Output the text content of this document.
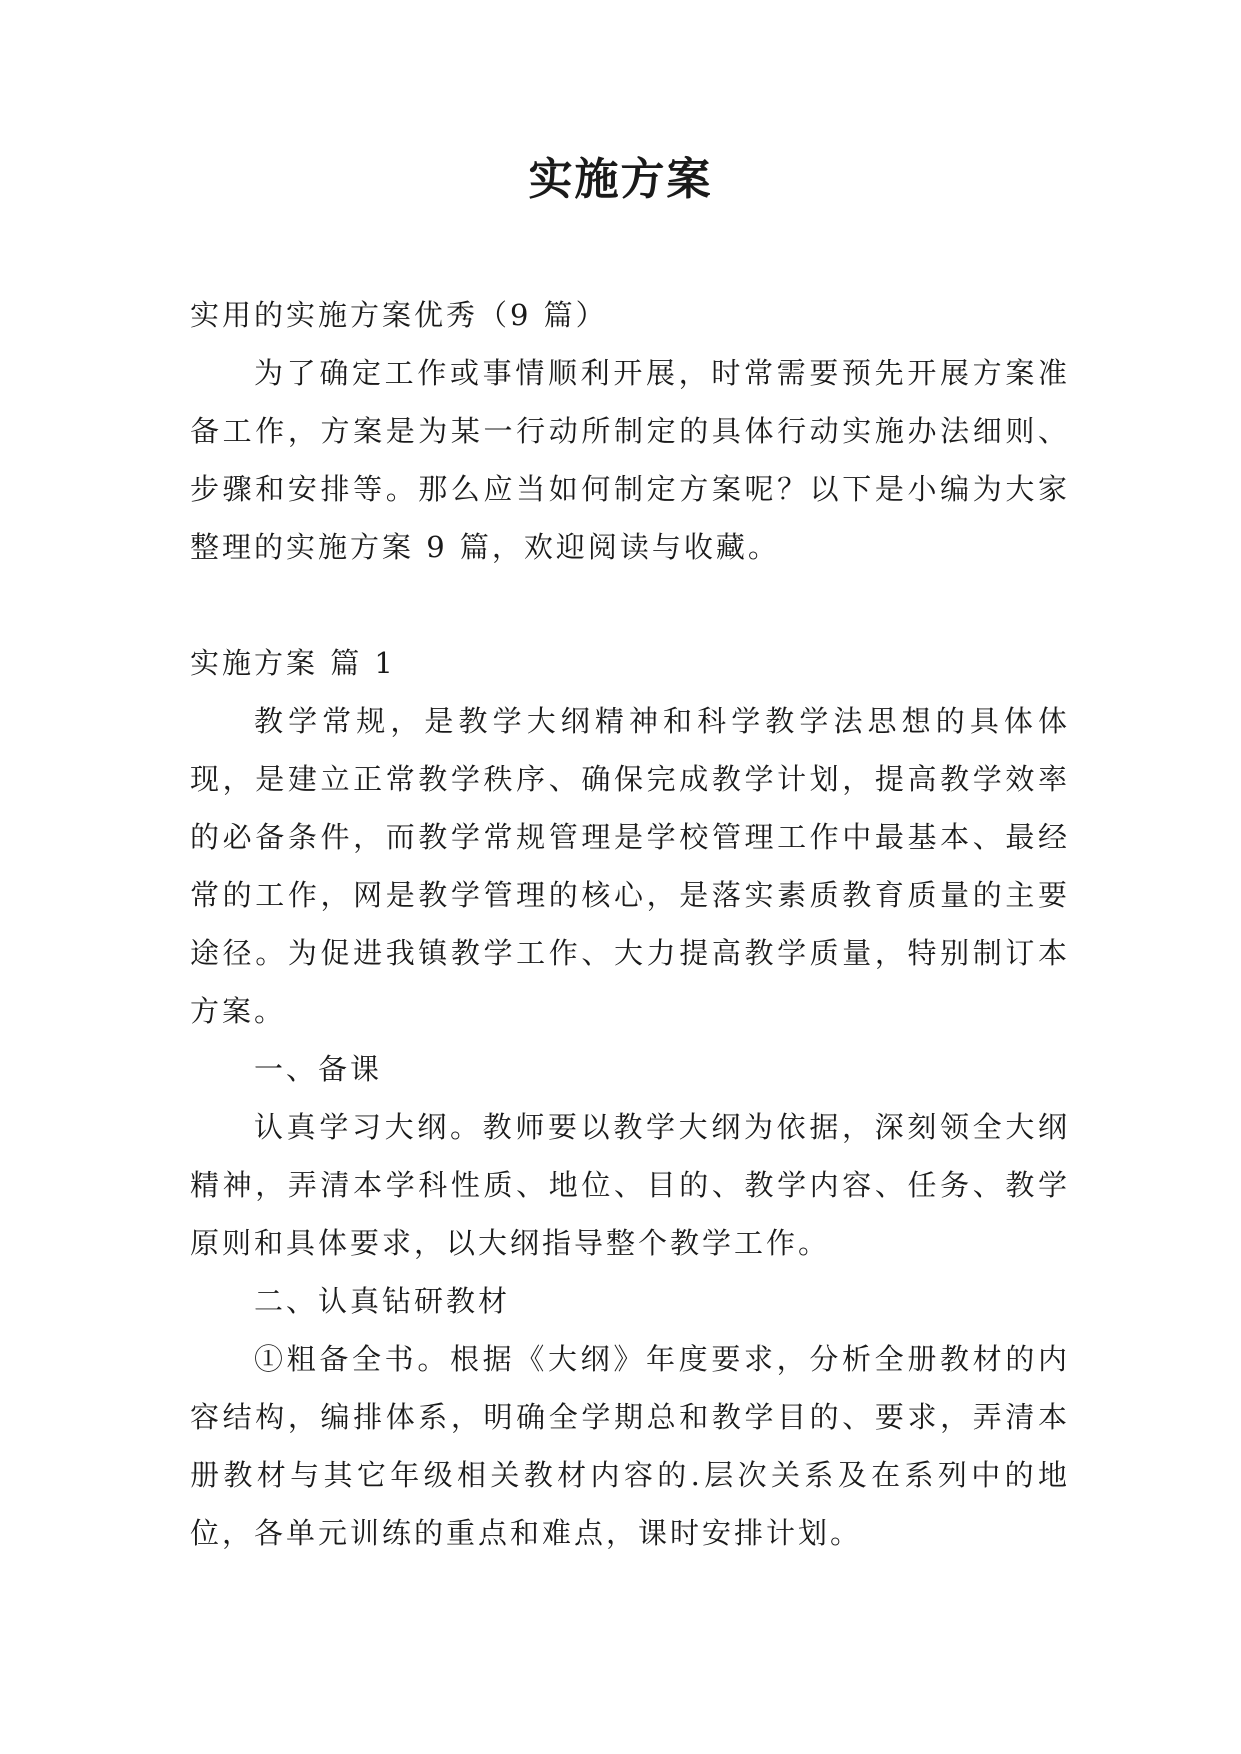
实施方案

实用的实施方案优秀（9 篇）

为了确定工作或事情顺利开展，时常需要预先开展方案准备工作，方案是为某一行动所制定的具体行动实施办法细则、步骤和安排等。那么应当如何制定方案呢？以下是小编为大家整理的实施方案 9 篇，欢迎阅读与收藏。

实施方案 篇 1

教学常规，是教学大纲精神和科学教学法思想的具体体现，是建立正常教学秩序、确保完成教学计划，提高教学效率的必备条件，而教学常规管理是学校管理工作中最基本、最经常的工作，网是教学管理的核心，是落实素质教育质量的主要途径。为促进我镇教学工作、大力提高教学质量，特别制订本方案。

一、备课

认真学习大纲。教师要以教学大纲为依据，深刻领全大纲精神，弄清本学科性质、地位、目的、教学内容、任务、教学原则和具体要求，以大纲指导整个教学工作。

二、认真钻研教材

①粗备全书。根据《大纲》年度要求，分析全册教材的内容结构，编排体系，明确全学期总和教学目的、要求，弄清本册教材与其它年级相关教材内容的.层次关系及在系列中的地位，各单元训练的重点和难点，课时安排计划。
